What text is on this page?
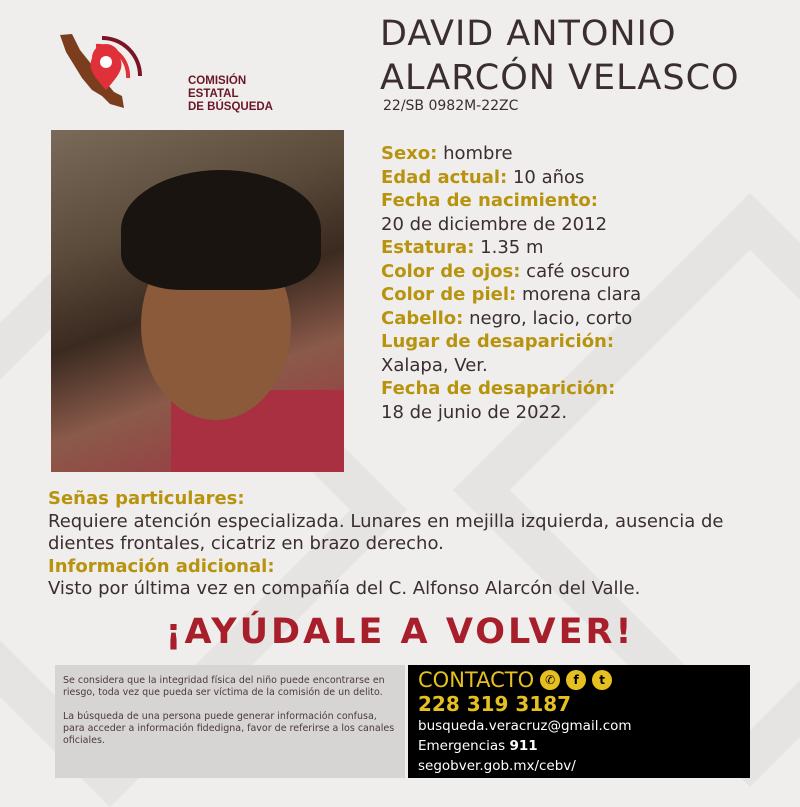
COMISIÓN ESTATAL
DE BÚSQUEDA
DAVID ANTONIO
ALARCÓN VELASCO
22/SB 0982M-22ZC
Sexo: hombre
Edad actual: 10 años
Fecha de nacimiento:
20 de diciembre de 2012
Estatura: 1.35 m
Color de ojos: café oscuro
Color de piel: morena clara
Cabello: negro, lacio, corto
Lugar de desaparición:
Xalapa, Ver.
Fecha de desaparición:
18 de junio de 2022.
Señas particulares:
Requiere atención especializada. Lunares en mejilla izquierda, ausencia de dientes frontales, cicatriz en brazo derecho.
Información adicional:
Visto por última vez en compañía del C. Alfonso Alarcón del Valle.
¡AYÚDALE A VOLVER!

Se considera que la integridad física del niño puede encontrarse en riesgo, toda vez que pueda ser víctima de la comisión de un delito.

La búsqueda de una persona puede generar información confusa, para acceder a información fidedigna, favor de referirse a los canales oficiales.

CONTACTO ✆	f	t
228 319 3187
busqueda.veracruz@gmail.com
Emergencias 911
segobver.gob.mx/cebv/
